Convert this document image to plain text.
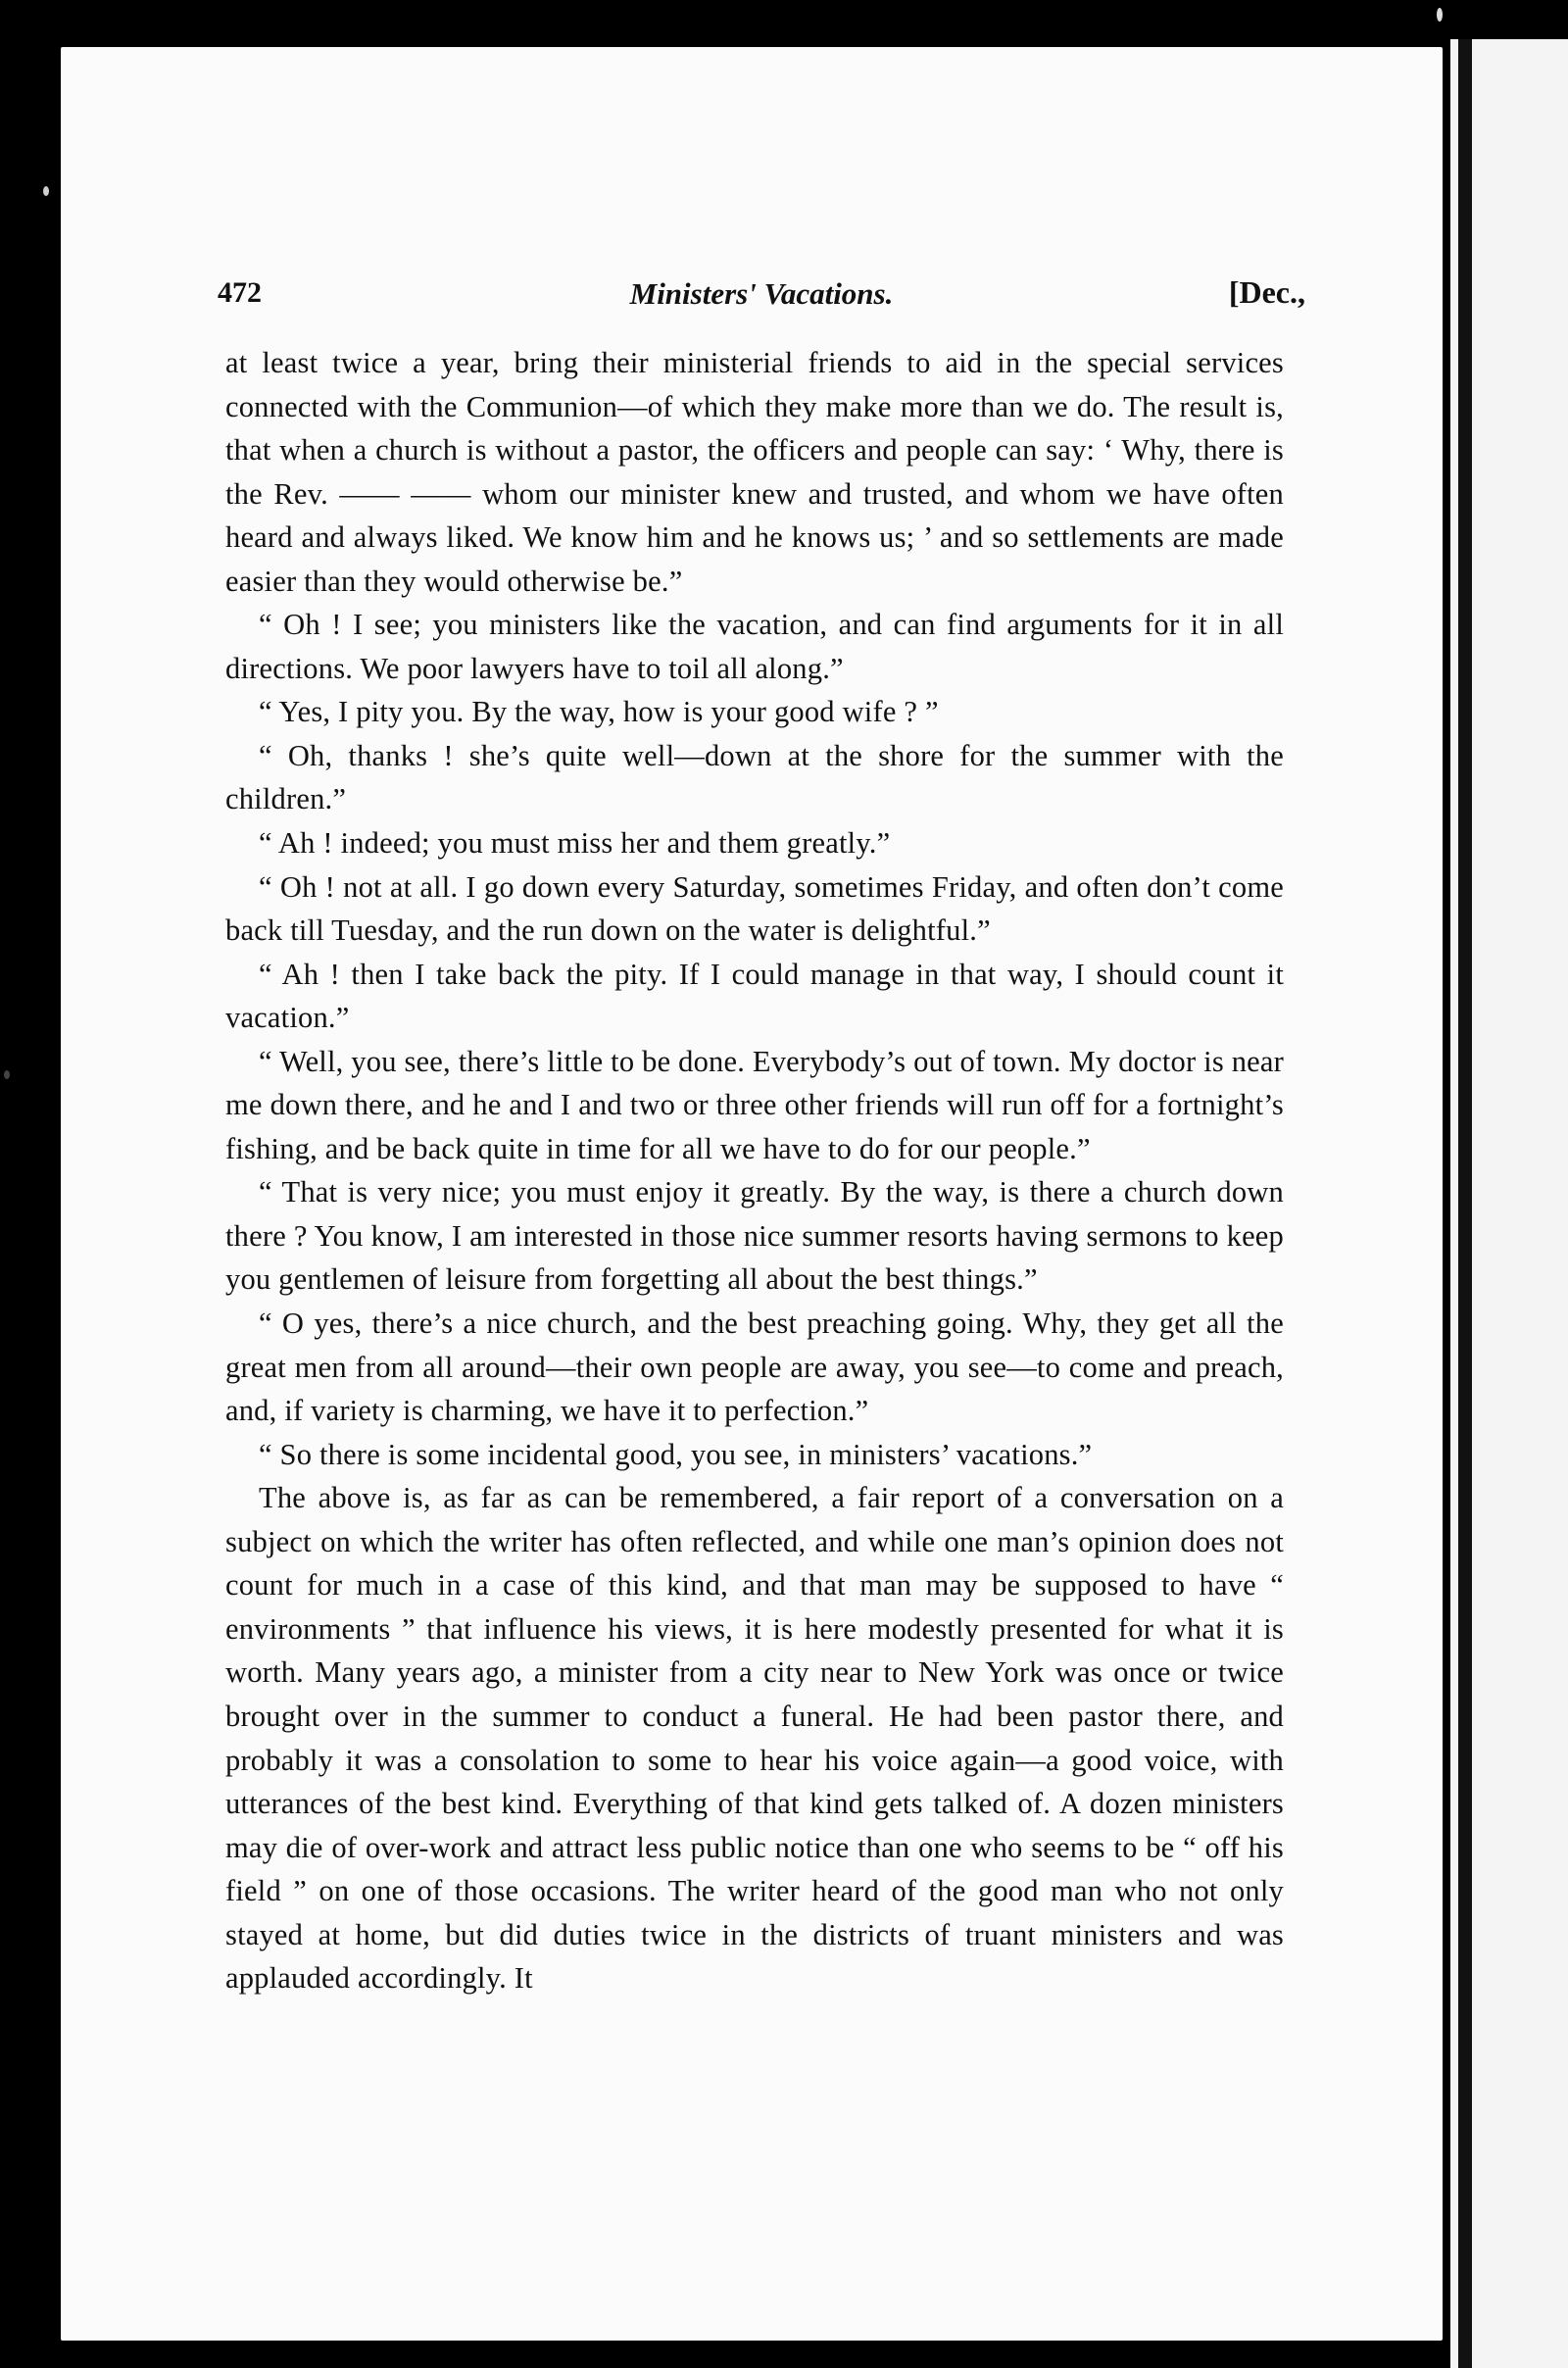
472	Ministers' Vacations.	[Dec.,

at least twice a year, bring their ministerial friends to aid in the special services connected with the Communion—of which they make more than we do. The result is, that when a church is without a pastor, the officers and people can say: ‘ Why, there is the Rev. —— —— whom our minister knew and trusted, and whom we have often heard and always liked. We know him and he knows us; ’ and so settlements are made easier than they would otherwise be.”

“ Oh ! I see; you ministers like the vacation, and can find arguments for it in all directions. We poor lawyers have to toil all along.”

“ Yes, I pity you. By the way, how is your good wife ? ”

“ Oh, thanks ! she’s quite well—down at the shore for the summer with the children.”

“ Ah ! indeed; you must miss her and them greatly.”

“ Oh ! not at all. I go down every Saturday, sometimes Friday, and often don’t come back till Tuesday, and the run down on the water is delightful.”

“ Ah ! then I take back the pity. If I could manage in that way, I should count it vacation.”

“ Well, you see, there’s little to be done. Everybody’s out of town. My doctor is near me down there, and he and I and two or three other friends will run off for a fortnight’s fishing, and be back quite in time for all we have to do for our people.”

“ That is very nice; you must enjoy it greatly. By the way, is there a church down there ? You know, I am interested in those nice summer resorts having sermons to keep you gentlemen of leisure from forgetting all about the best things.”

“ O yes, there’s a nice church, and the best preaching going. Why, they get all the great men from all around—their own people are away, you see—to come and preach, and, if variety is charming, we have it to perfection.”

“ So there is some incidental good, you see, in ministers’ vacations.”

The above is, as far as can be remembered, a fair report of a conversation on a subject on which the writer has often reflected, and while one man’s opinion does not count for much in a case of this kind, and that man may be supposed to have “ environments ” that influence his views, it is here modestly presented for what it is worth. Many years ago, a minister from a city near to New York was once or twice brought over in the summer to conduct a funeral. He had been pastor there, and probably it was a consolation to some to hear his voice again—a good voice, with utterances of the best kind. Everything of that kind gets talked of. A dozen ministers may die of over-work and attract less public notice than one who seems to be “ off his field ” on one of those occasions. The writer heard of the good man who not only stayed at home, but did duties twice in the districts of truant ministers and was applauded accordingly. It
